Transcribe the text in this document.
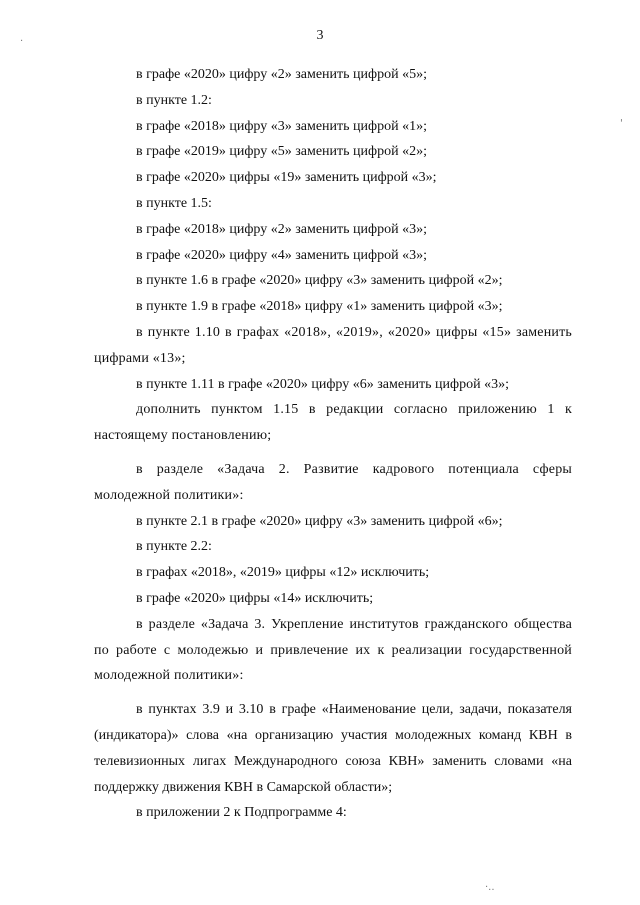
3

в графе «2020» цифру «2» заменить цифрой «5»;

в пункте 1.2:

в графе «2018» цифру «3» заменить цифрой «1»;

в графе «2019» цифру «5» заменить цифрой «2»;

в графе «2020» цифры «19» заменить цифрой «3»;

в пункте 1.5:

в графе «2018» цифру «2» заменить цифрой «3»;

в графе «2020» цифру «4» заменить цифрой «3»;

в пункте 1.6 в графе «2020» цифру «3» заменить цифрой «2»;

в пункте 1.9 в графе «2018» цифру «1» заменить цифрой «3»;

в пункте 1.10 в графах «2018», «2019», «2020» цифры «15» заменить цифрами «13»;

в пункте 1.11 в графе «2020» цифру «6» заменить цифрой «3»;

дополнить пунктом 1.15 в редакции согласно приложению 1 к настоящему постановлению;

в разделе «Задача 2. Развитие кадрового потенциала сферы молодежной политики»:

в пункте 2.1 в графе «2020» цифру «3» заменить цифрой «6»;

в пункте 2.2:

в графах «2018», «2019» цифры «12» исключить;

в графе «2020» цифры «14» исключить;

в разделе «Задача 3. Укрепление институтов гражданского общества по работе с молодежью и привлечение их к реализации государственной молодежной политики»:

в пунктах 3.9 и 3.10 в графе «Наименование цели, задачи, показателя (индикатора)» слова «на организацию участия молодежных команд КВН в телевизионных лигах Международного союза КВН» заменить словами «на поддержку движения КВН в Самарской области»;

в приложении 2 к Подпрограмме 4:

·
'
·..
